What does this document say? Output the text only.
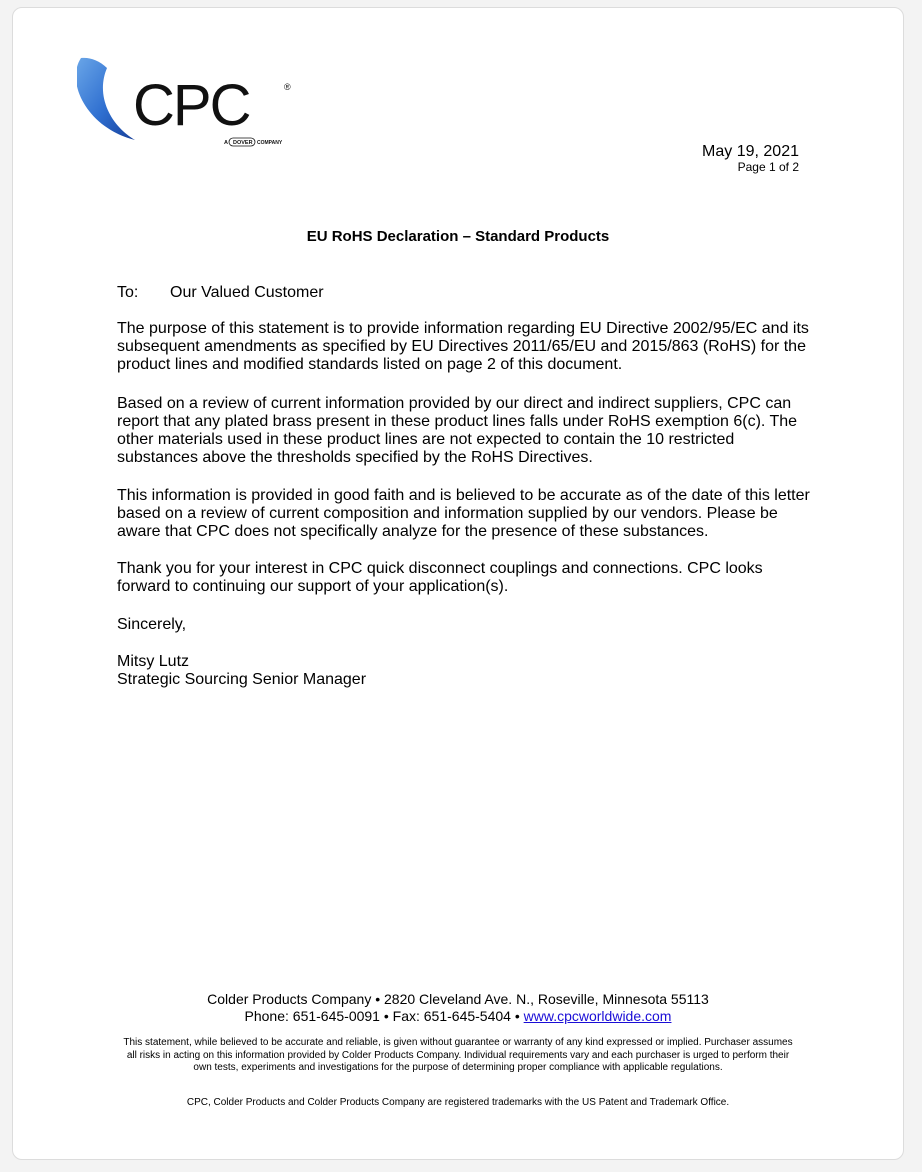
CPC	®
A DOVER COMPANY	May 19, 2021
Page 1 of 2
EU RoHS Declaration – Standard Products
To: Our Valued Customer
The purpose of this statement is to provide information regarding EU Directive 2002/95/EC and its subsequent amendments as specified by EU Directives 2011/65/EU and 2015/863 (RoHS) for the product lines and modified standards listed on page 2 of this document.
Based on a review of current information provided by our direct and indirect suppliers, CPC can report that any plated brass present in these product lines falls under RoHS exemption 6(c). The other materials used in these product lines are not expected to contain the 10 restricted substances above the thresholds specified by the RoHS Directives.
This information is provided in good faith and is believed to be accurate as of the date of this letter based on a review of current composition and information supplied by our vendors. Please be aware that CPC does not specifically analyze for the presence of these substances.
Thank you for your interest in CPC quick disconnect couplings and connections. CPC looks forward to continuing our support of your application(s).
Sincerely,
Mitsy Lutz
Strategic Sourcing Senior Manager
Colder Products Company • 2820 Cleveland Ave. N., Roseville, Minnesota 55113
Phone: 651-645-0091 • Fax: 651-645-5404 • www.cpcworldwide.com
This statement, while believed to be accurate and reliable, is given without guarantee or warranty of any kind expressed or implied. Purchaser assumes all risks in acting on this information provided by Colder Products Company. Individual requirements vary and each purchaser is urged to perform their own tests, experiments and investigations for the purpose of determining proper compliance with applicable regulations.
CPC, Colder Products and Colder Products Company are registered trademarks with the US Patent and Trademark Office.
